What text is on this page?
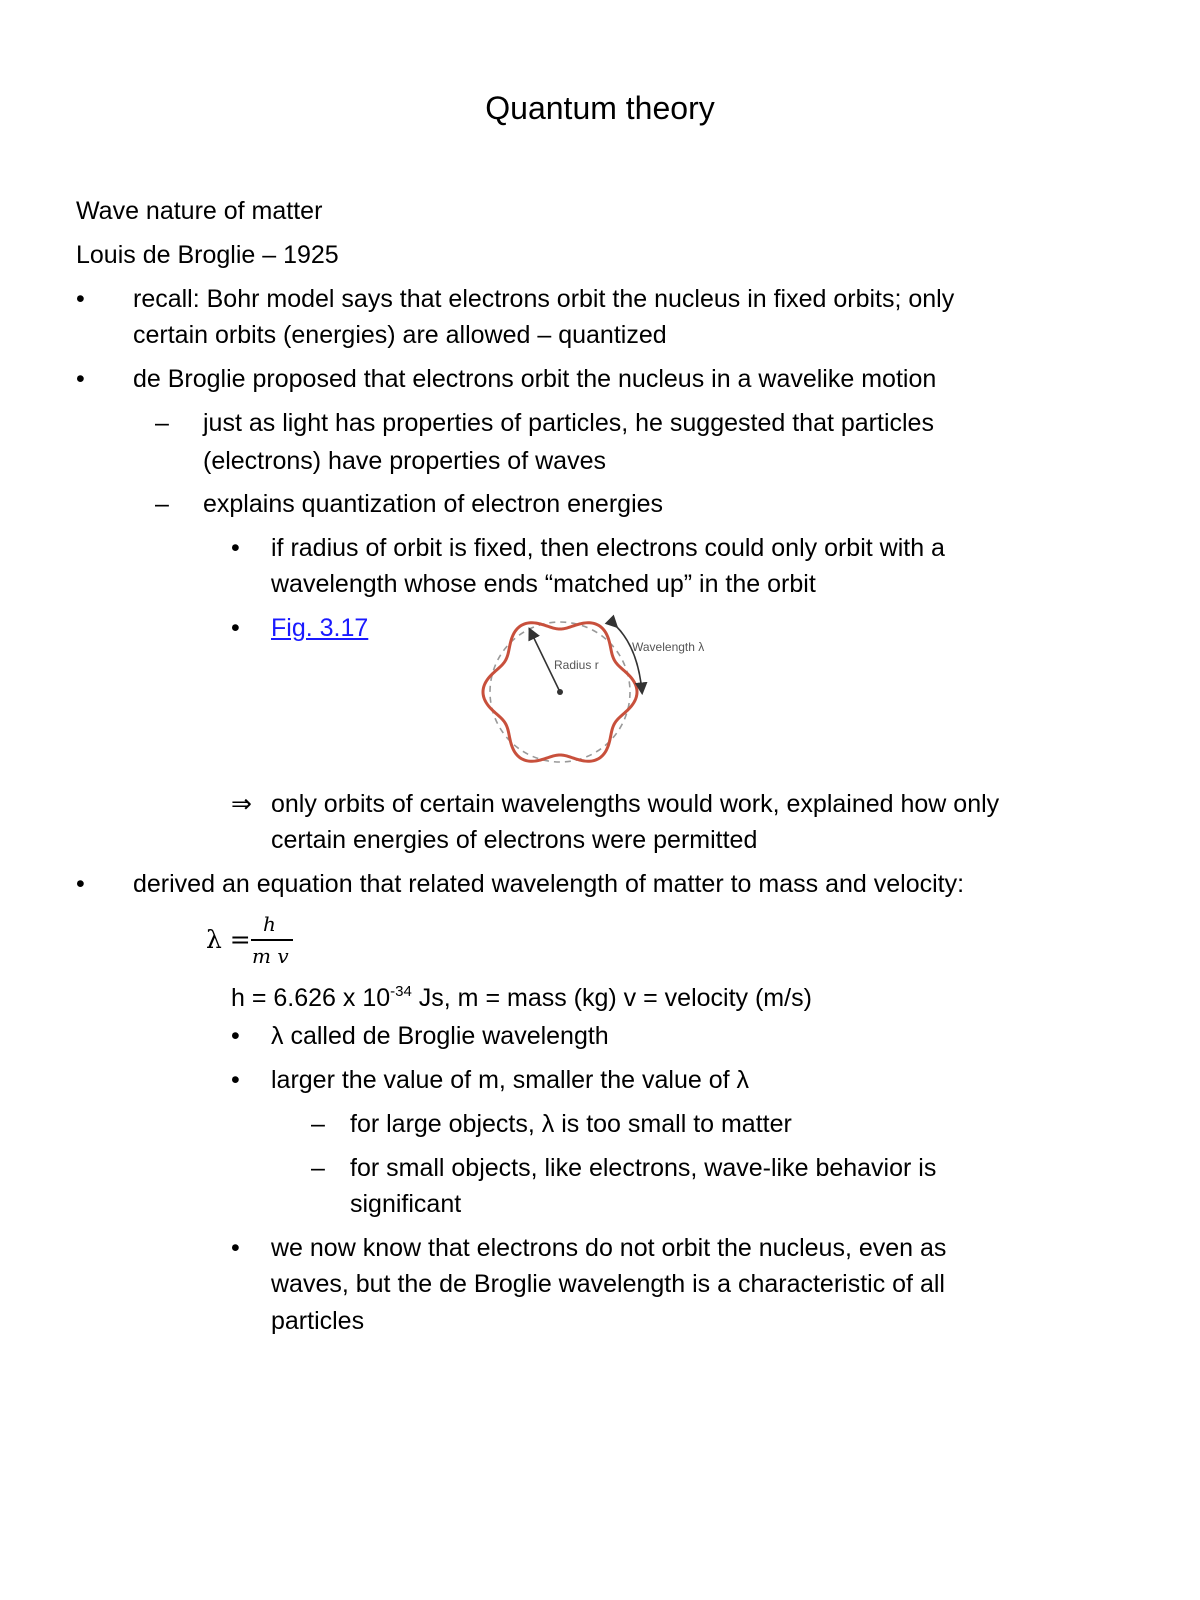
Quantum theory
Wave nature of matter
Louis de Broglie – 1925
• recall: Bohr model says that electrons orbit the nucleus in fixed orbits; only
certain orbits (energies) are allowed – quantized
• de Broglie proposed that electrons orbit the nucleus in a wavelike motion
– just as light has properties of particles, he suggested that particles
(electrons) have properties of waves
– explains quantization of electron energies
• if radius of orbit is fixed, then electrons could only orbit with a
wavelength whose ends “matched up” in the orbit
• Fig. 3.17
Radius r
Wavelength λ
⇒ only orbits of certain wavelengths would work, explained how only
certain energies of electrons were permitted
• derived an equation that related wavelength of matter to mass and velocity:
λ =
h
m v
h = 6.626 x $10^{-34}$ Js, m = mass (kg) v = velocity (m/s)
• λ called de Broglie wavelength
• larger the value of m, smaller the value of λ
– for large objects, λ is too small to matter
– for small objects, like electrons, wave-like behavior is
significant
• we now know that electrons do not orbit the nucleus, even as
waves, but the de Broglie wavelength is a characteristic of all
particles
